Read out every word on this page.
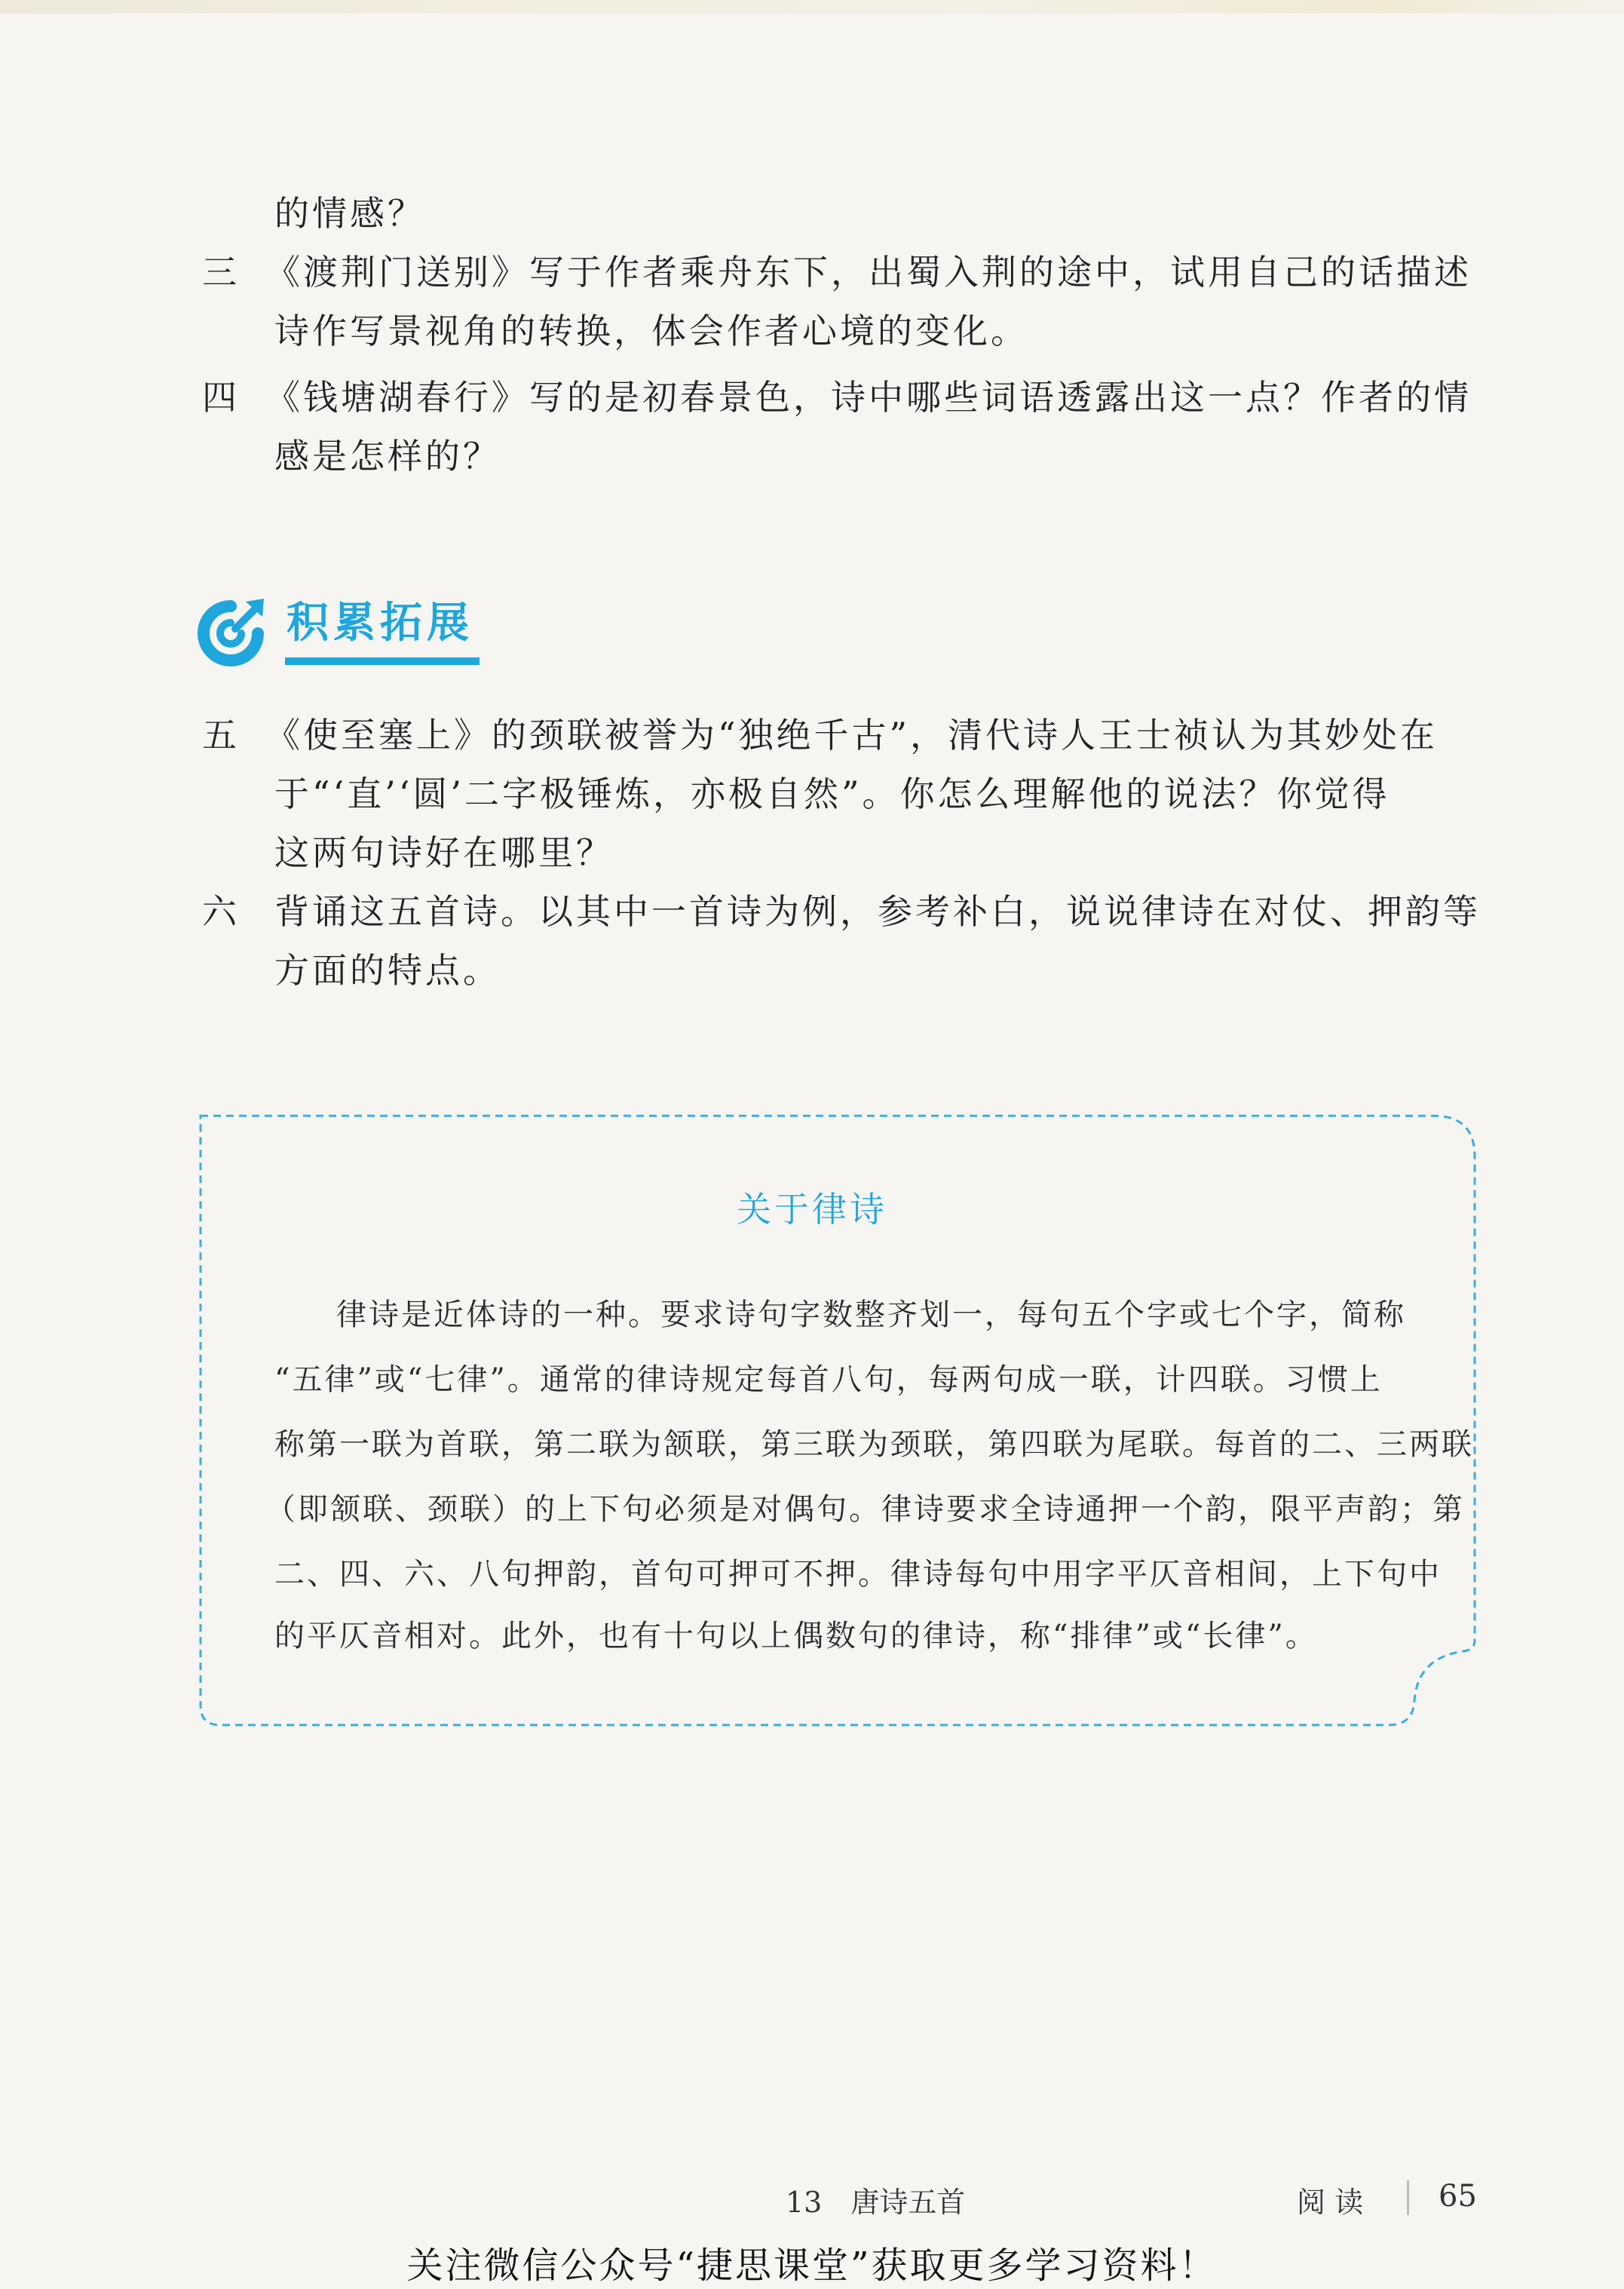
的情感？
三 《渡荆门送别》写于作者乘舟东下，出蜀入荆的途中，试用自己的话描述
诗作写景视角的转换，体会作者心境的变化。
四 《钱塘湖春行》写的是初春景色，诗中哪些词语透露出这一点？作者的情
感是怎样的？
积累拓展
五 《使至塞上》的颈联被誉为“独绝千古”，清代诗人王士祯认为其妙处在
于“‘直’‘圆’二字极锤炼，亦极自然”。你怎么理解他的说法？你觉得
这两句诗好在哪里？
六 背诵这五首诗。以其中一首诗为例，参考补白，说说律诗在对仗、押韵等
方面的特点。
关于律诗
律诗是近体诗的一种。要求诗句字数整齐划一，每句五个字或七个字，简称
“五律”或“七律”。通常的律诗规定每首八句，每两句成一联，计四联。习惯上
称第一联为首联，第二联为颔联，第三联为颈联，第四联为尾联。每首的二、三两联
（即颔联、颈联）的上下句必须是对偶句。律诗要求全诗通押一个韵，限平声韵；第
二、四、六、八句押韵，首句可押可不押。律诗每句中用字平仄音相间，上下句中
的平仄音相对。此外，也有十句以上偶数句的律诗，称“排律”或“长律”。
13　唐诗五首	阅 读 65
关注微信公众号“捷思课堂”获取更多学习资料！
